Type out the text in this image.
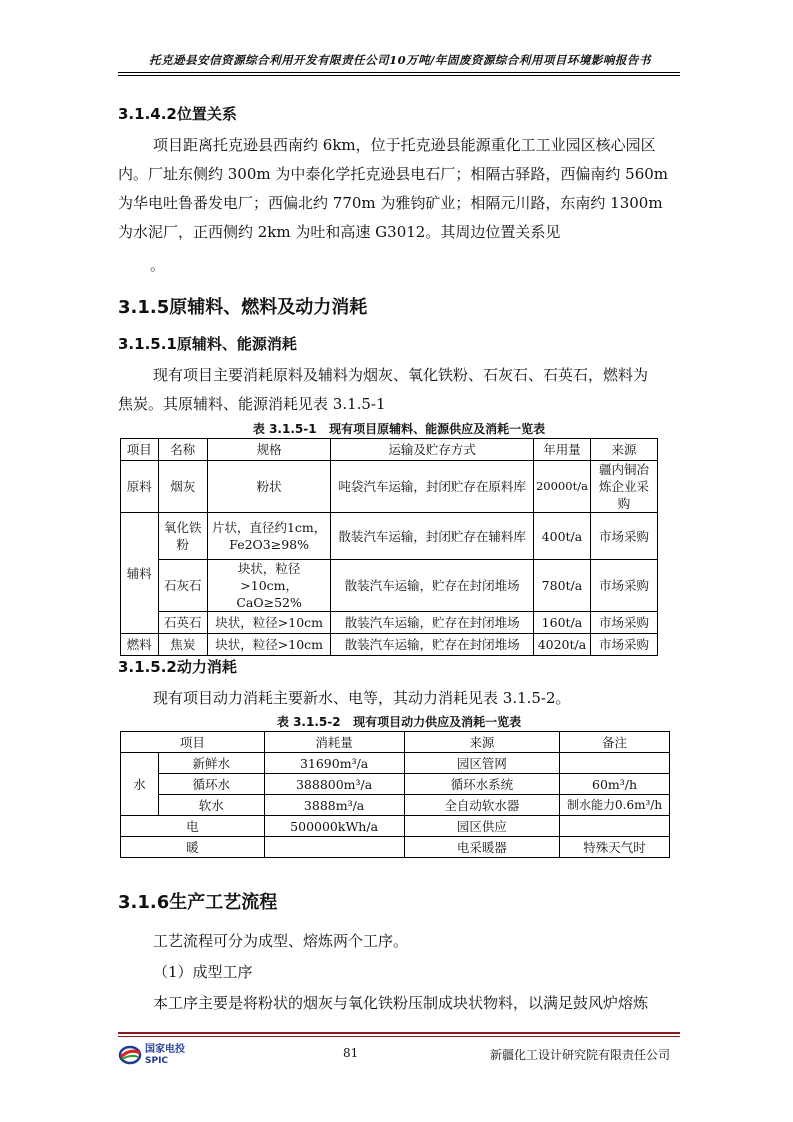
托克逊县安信资源综合利用开发有限责任公司10万吨/年固废资源综合利用项目环境影响报告书
3.1.4.2位置关系
项目距离托克逊县西南约 6km，位于托克逊县能源重化工工业园区核心园区
内。厂址东侧约 300m 为中泰化学托克逊县电石厂；相隔古驿路，西偏南约 560m
为华电吐鲁番发电厂；西偏北约 770m 为雅钧矿业；相隔元川路，东南约 1300m
为水泥厂，正西侧约 2km 为吐和高速 G3012。其周边位置关系见
。
3.1.5原辅料、燃料及动力消耗
3.1.5.1原辅料、能源消耗
现有项目主要消耗原料及辅料为烟灰、氧化铁粉、石灰石、石英石，燃料为
焦炭。其原辅料、能源消耗见表 3.1.5-1
表 3.1.5-1   现有项目原辅料、能源供应及消耗一览表
项目	名称	规格	运输及贮存方式	年用量	来源
原料	烟灰	粉状	吨袋汽车运输，封闭贮存在原料库	20000t/a	疆内铜冶炼企业采购
辅料	氧化铁粉	片状，直径约1cm，Fe2O3≥98%	散装汽车运输，封闭贮存在辅料库	400t/a	市场采购
	石灰石	块状，粒径>10cm，CaO≥52%	散装汽车运输，贮存在封闭堆场	780t/a	市场采购
	石英石	块状，粒径>10cm	散装汽车运输，贮存在封闭堆场	160t/a	市场采购
燃料	焦炭	块状，粒径>10cm	散装汽车运输，贮存在封闭堆场	4020t/a	市场采购
3.1.5.2动力消耗
现有项目动力消耗主要新水、电等，其动力消耗见表 3.1.5-2。
表 3.1.5-2   现有项目动力供应及消耗一览表
项目		消耗量	来源	备注
水	新鲜水	31690m³/a	园区管网	
	循环水	388800m³/a	循环水系统	60m³/h
	软水	3888m³/a	全自动软水器	制水能力0.6m³/h
电		500000kWh/a	园区供应	
暖			电采暖器	特殊天气时
3.1.6生产工艺流程
工艺流程可分为成型、熔炼两个工序。
（1）成型工序
本工序主要是将粉状的烟灰与氧化铁粉压制成块状物料，以满足鼓风炉熔炼
国家电投
SPIC
81	新疆化工设计研究院有限责任公司
